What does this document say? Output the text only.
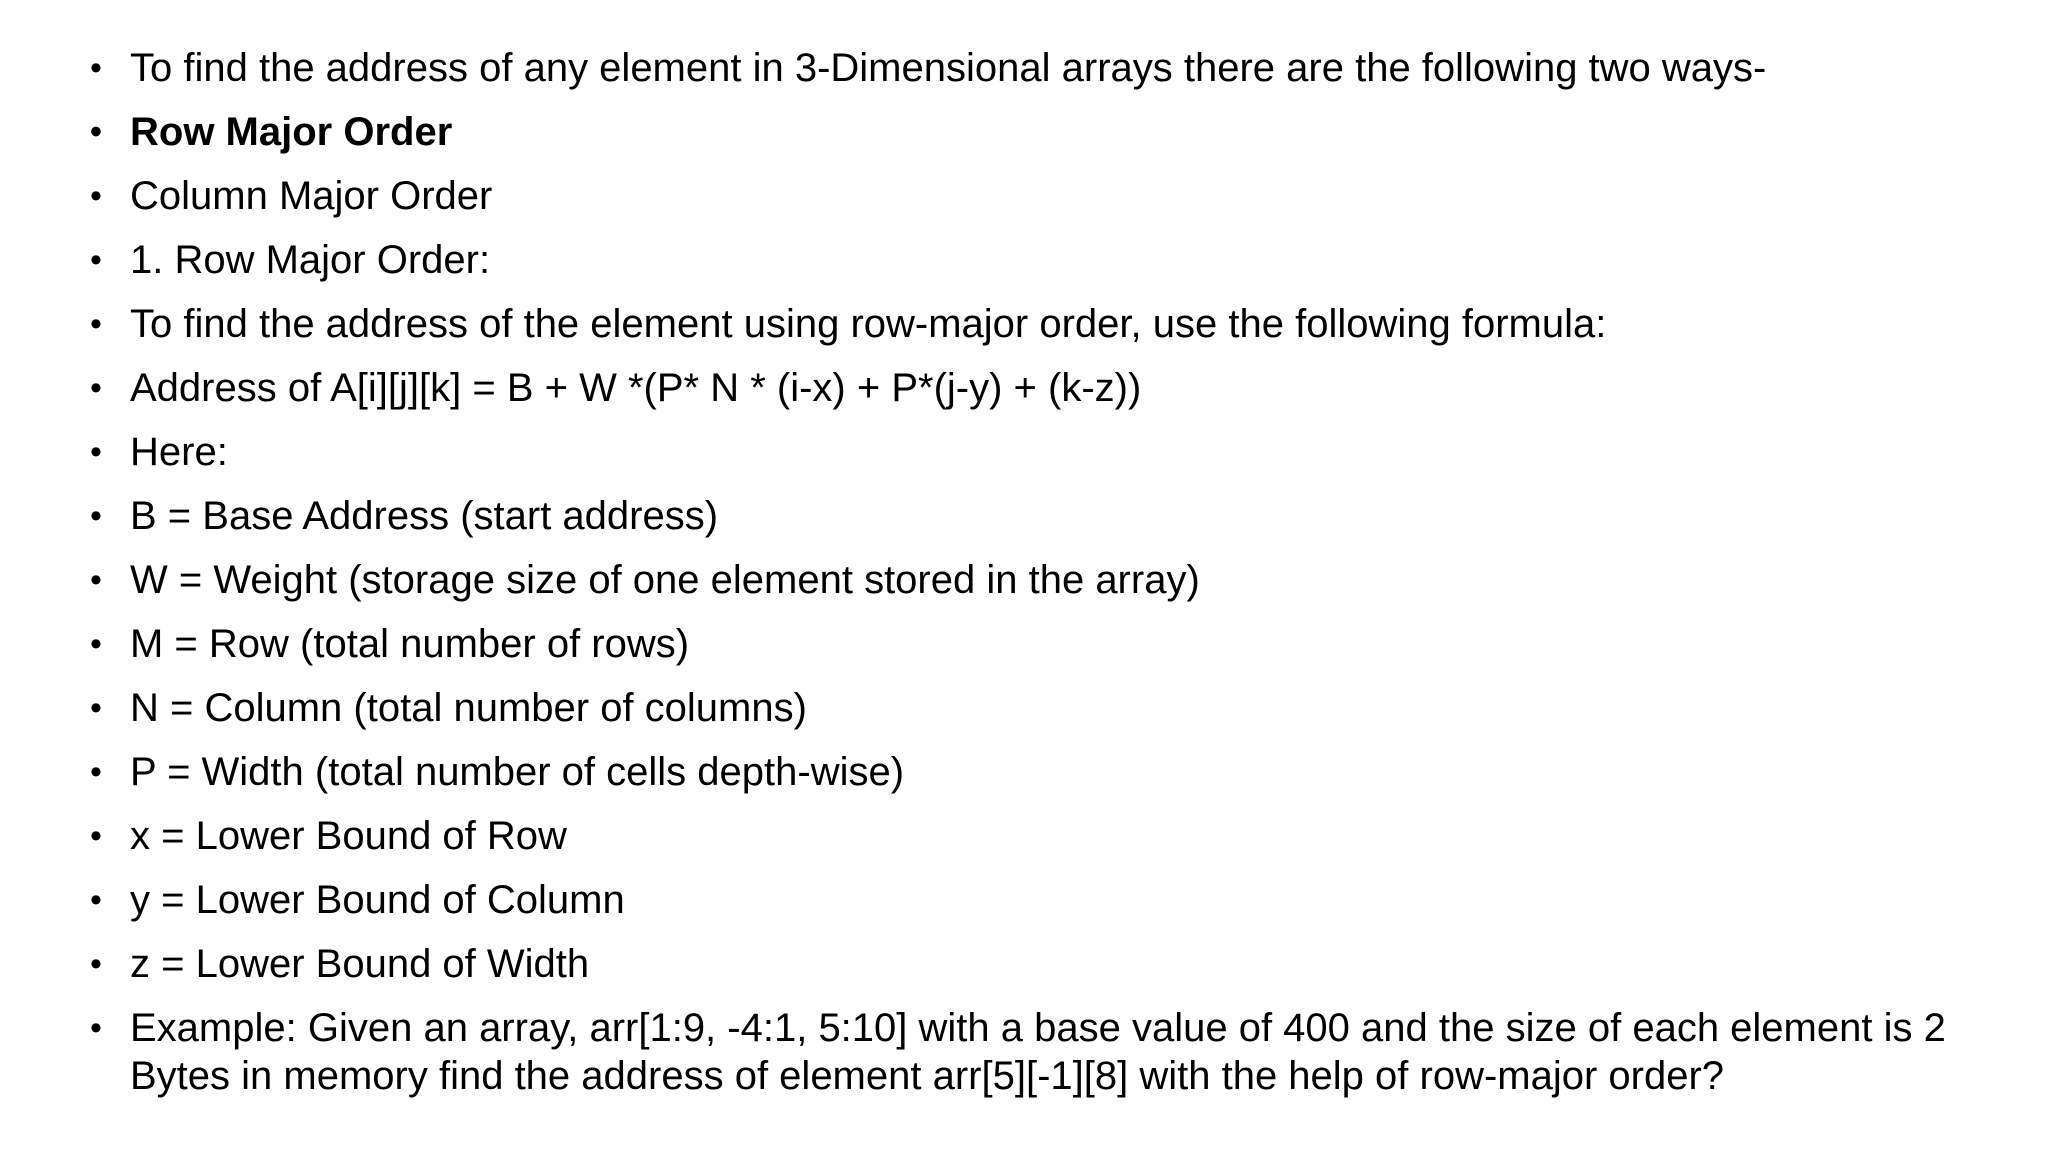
• To find the address of any element in 3-Dimensional arrays there are the following two ways-
• Row Major Order
• Column Major Order
• 1. Row Major Order:
• To find the address of the element using row-major order, use the following formula:
• Address of A[i][j][k] = B + W *(P* N * (i-x) + P*(j-y) + (k-z))
• Here:
• B = Base Address (start address)
• W = Weight (storage size of one element stored in the array)
• M = Row (total number of rows)
• N = Column (total number of columns)
• P = Width (total number of cells depth-wise)
• x = Lower Bound of Row
• y = Lower Bound of Column
• z = Lower Bound of Width
• Example: Given an array, arr[1:9, -4:1, 5:10] with a base value of 400 and the size of each element is 2 Bytes in memory find the address of element arr[5][-1][8] with the help of row-major order?
